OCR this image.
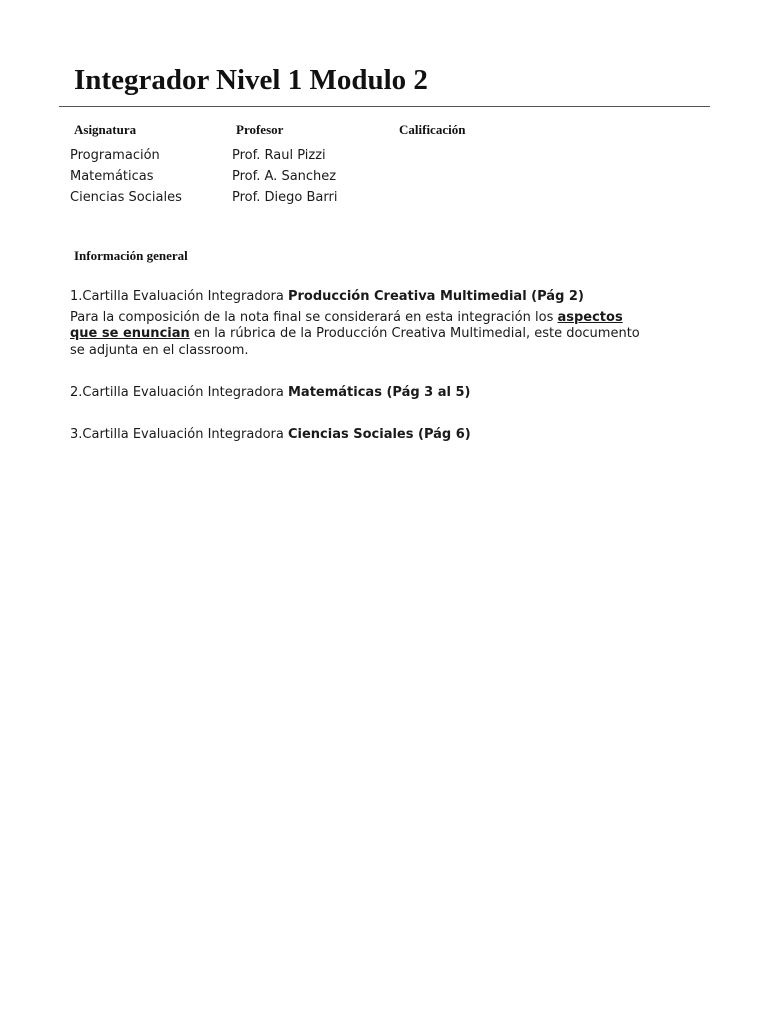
Integrador Nivel 1 Modulo 2
Asignatura	Profesor	Calificación
Programación	Prof. Raul Pizzi
Matemáticas	Prof. A. Sanchez
Ciencias Sociales	Prof. Diego Barri
Información general
1.Cartilla Evaluación Integradora Producción Creativa Multimedial (Pág 2)
Para la composición de la nota final se considerará en esta integración los aspectos
que se enuncian en la rúbrica de la Producción Creativa Multimedial, este documento
se adjunta en el classroom.
2.Cartilla Evaluación Integradora Matemáticas (Pág 3 al 5)
3.Cartilla Evaluación Integradora Ciencias Sociales (Pág 6)
